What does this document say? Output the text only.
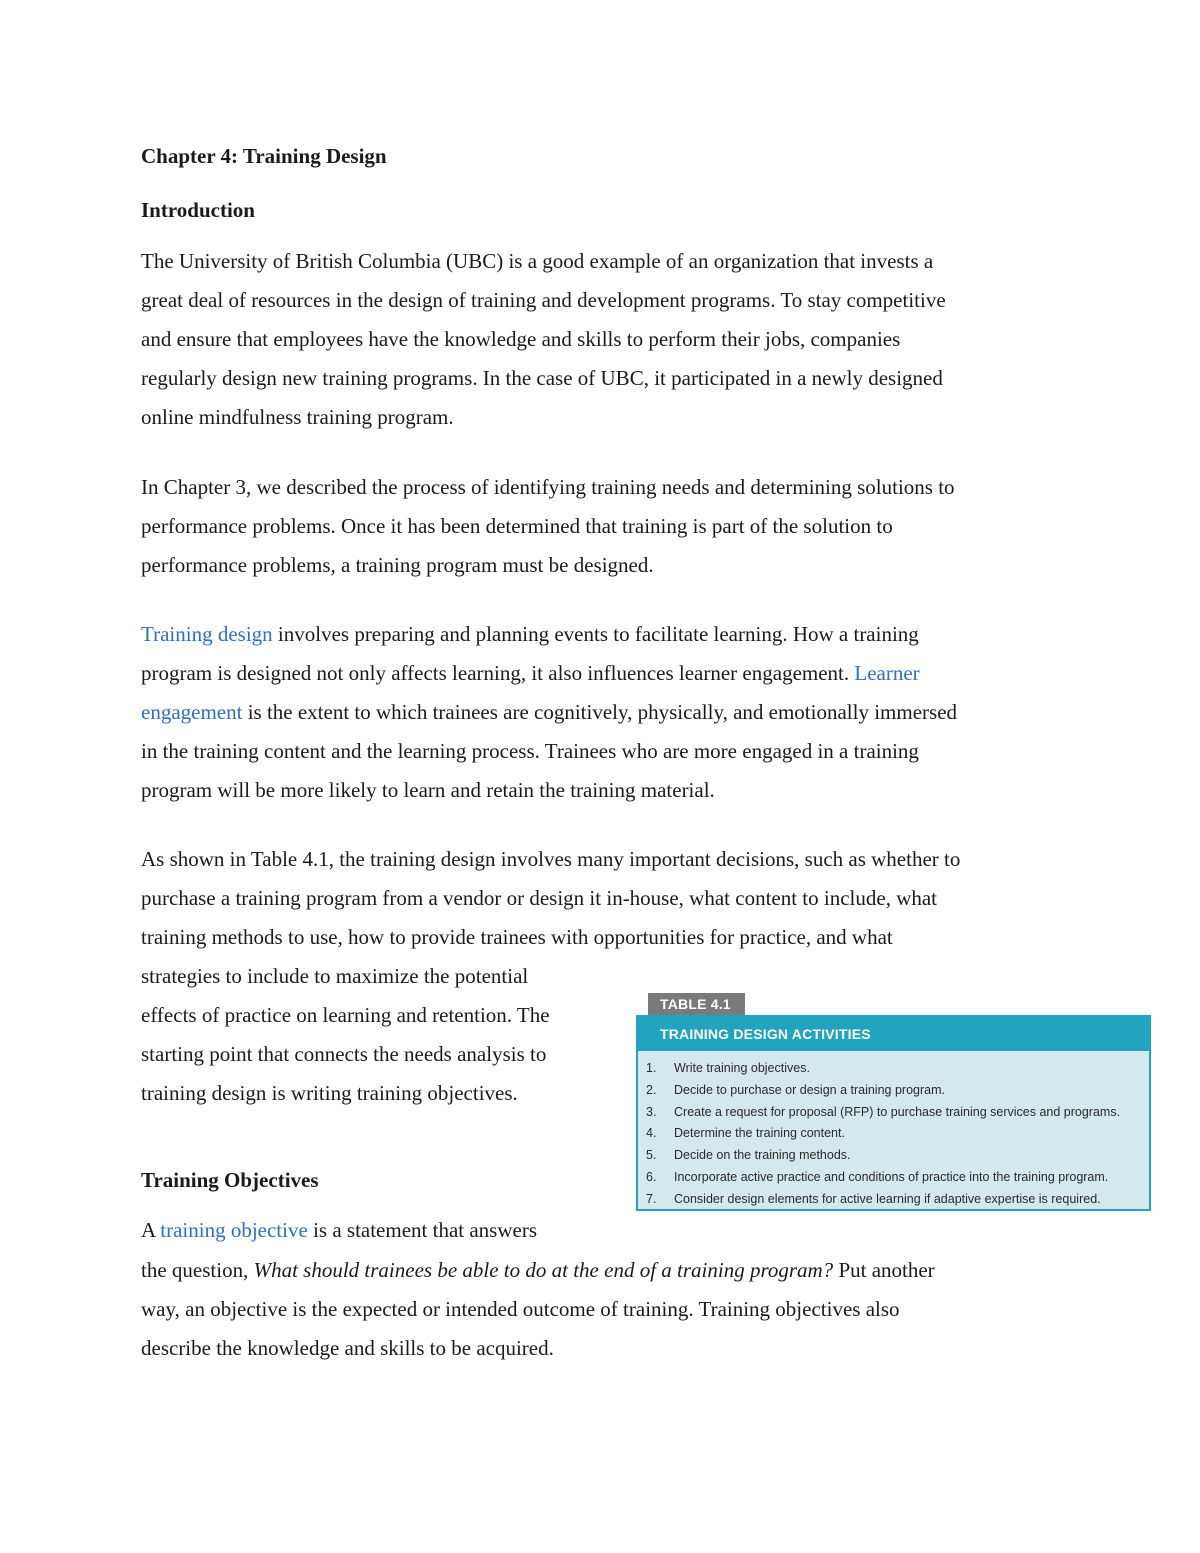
Chapter 4: Training Design
Introduction
The University of British Columbia (UBC) is a good example of an organization that invests a
great deal of resources in the design of training and development programs. To stay competitive
and ensure that employees have the knowledge and skills to perform their jobs, companies
regularly design new training programs. In the case of UBC, it participated in a newly designed
online mindfulness training program.
In Chapter 3, we described the process of identifying training needs and determining solutions to
performance problems. Once it has been determined that training is part of the solution to
performance problems, a training program must be designed.
Training design involves preparing and planning events to facilitate learning. How a training
program is designed not only affects learning, it also influences learner engagement. Learner
engagement is the extent to which trainees are cognitively, physically, and emotionally immersed
in the training content and the learning process. Trainees who are more engaged in a training
program will be more likely to learn and retain the training material.
As shown in Table 4.1, the training design involves many important decisions, such as whether to
purchase a training program from a vendor or design it in-house, what content to include, what
training methods to use, how to provide trainees with opportunities for practice, and what
strategies to include to maximize the potential
effects of practice on learning and retention. The
starting point that connects the needs analysis to
training design is writing training objectives.
Training Objectives
A training objective is a statement that answers
the question, What should trainees be able to do at the end of a training program? Put another
way, an objective is the expected or intended outcome of training. Training objectives also
describe the knowledge and skills to be acquired.
TABLE 4.1
TRAINING DESIGN ACTIVITIES
1. Write training objectives.
2. Decide to purchase or design a training program.
3. Create a request for proposal (RFP) to purchase training services and programs.
4. Determine the training content.
5. Decide on the training methods.
6. Incorporate active practice and conditions of practice into the training program.
7. Consider design elements for active learning if adaptive expertise is required.
